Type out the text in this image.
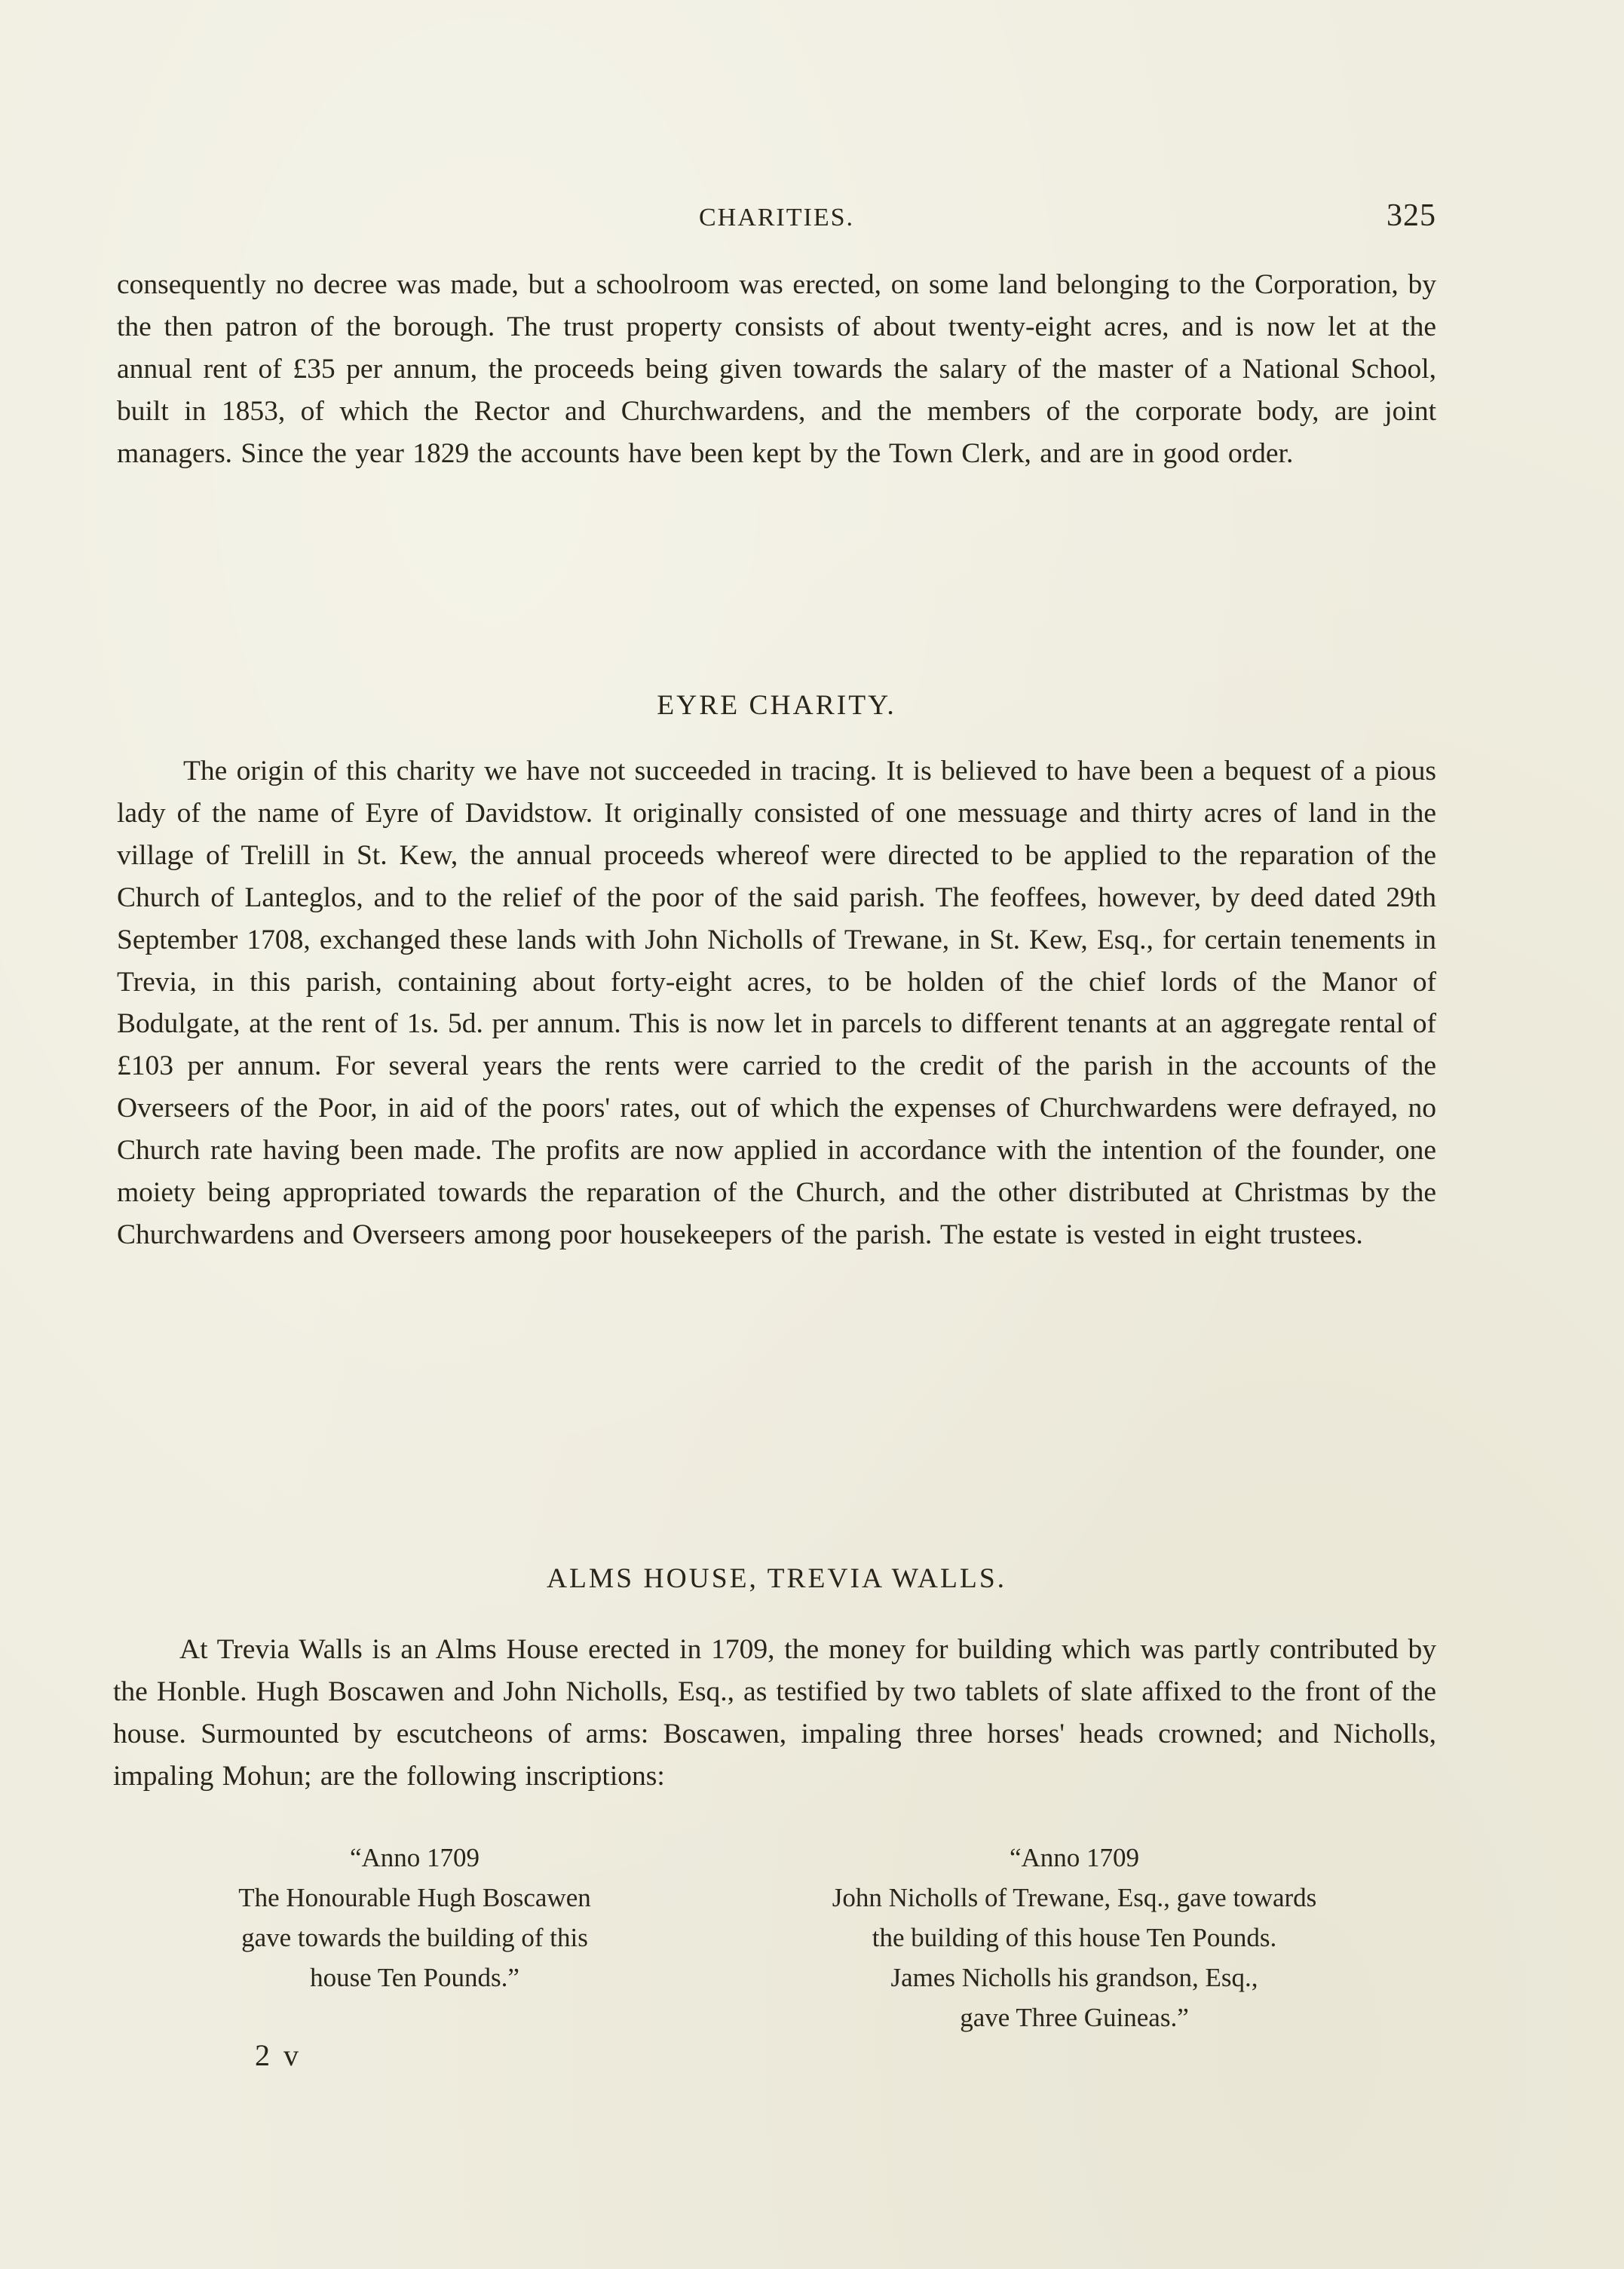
CHARITIES.	325

consequently no decree was made, but a schoolroom was erected, on some land belonging to the Corporation, by the then patron of the borough. The trust property consists of about twenty-eight acres, and is now let at the annual rent of £35 per annum, the proceeds being given towards the salary of the master of a National School, built in 1853, of which the Rector and Churchwardens, and the members of the corporate body, are joint managers. Since the year 1829 the accounts have been kept by the Town Clerk, and are in good order.

EYRE CHARITY.

The origin of this charity we have not succeeded in tracing. It is believed to have been a bequest of a pious lady of the name of Eyre of Davidstow. It originally consisted of one messuage and thirty acres of land in the village of Trelill in St. Kew, the annual proceeds whereof were directed to be applied to the reparation of the Church of Lanteglos, and to the relief of the poor of the said parish. The feoffees, however, by deed dated 29th September 1708, exchanged these lands with John Nicholls of Trewane, in St. Kew, Esq., for certain tenements in Trevia, in this parish, containing about forty-eight acres, to be holden of the chief lords of the Manor of Bodulgate, at the rent of 1s. 5d. per annum. This is now let in parcels to different tenants at an aggregate rental of £103 per annum. For several years the rents were carried to the credit of the parish in the accounts of the Overseers of the Poor, in aid of the poors' rates, out of which the expenses of Churchwardens were defrayed, no Church rate having been made. The profits are now applied in accordance with the intention of the founder, one moiety being appropriated towards the reparation of the Church, and the other distributed at Christmas by the Churchwardens and Overseers among poor housekeepers of the parish. The estate is vested in eight trustees.

ALMS HOUSE, TREVIA WALLS.

At Trevia Walls is an Alms House erected in 1709, the money for building which was partly contributed by the Honble. Hugh Boscawen and John Nicholls, Esq., as testified by two tablets of slate affixed to the front of the house. Surmounted by escutcheons of arms: Boscawen, impaling three horses' heads crowned; and Nicholls, impaling Mohun; are the following inscriptions:

“Anno 1709

The Honourable Hugh Boscawen

gave towards the building of this

house Ten Pounds.”

“Anno 1709

John Nicholls of Trewane, Esq., gave towards

the building of this house Ten Pounds.

James Nicholls his grandson, Esq.,

gave Three Guineas.”

2 v
